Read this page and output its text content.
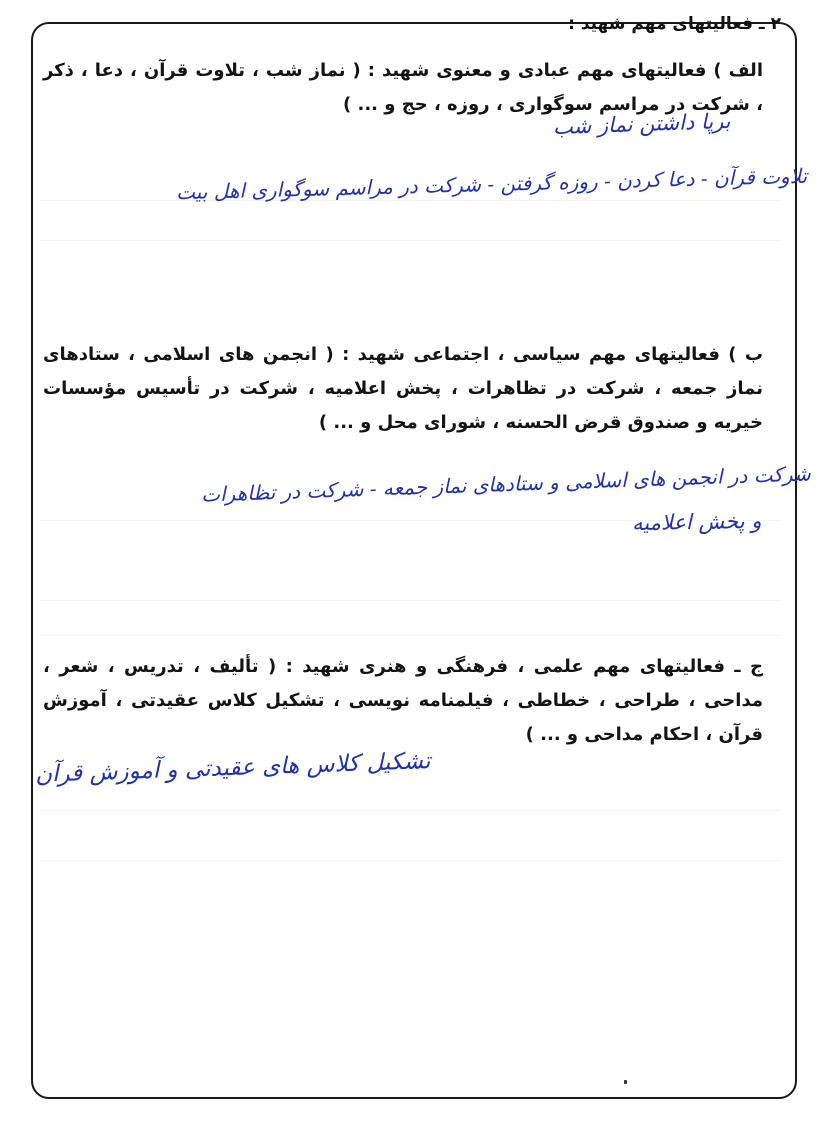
۲ ـ فعالیتهای مهم شهید :
الف ) فعالیتهای مهم عبادی و معنوی شهید : ( نماز شب ، تلاوت قرآن ، دعا ، ذکر ، شرکت در مراسم سوگواری ، روزه ، حج و ... )
برپا داشتن نماز شب
تلاوت قرآن - دعا کردن - روزه گرفتن - شرکت در مراسم سوگواری اهل بیت
ب ) فعالیتهای مهم سیاسی ، اجتماعی شهید : ( انجمن های اسلامی ، ستادهای نماز جمعه ، شرکت در تظاهرات ، پخش اعلامیه ، شرکت در تأسیس مؤسسات خیریه و صندوق قرض الحسنه ، شورای محل و ... )
شرکت در انجمن های اسلامی و ستادهای نماز جمعه - شرکت در تظاهرات
و پخش اعلامیه
ج ـ فعالیتهای مهم علمی ، فرهنگی و هنری شهید : ( تألیف ، تدریس ، شعر ، مداحی ، طراحی ، خطاطی ، فیلمنامه نویسی ، تشکیل کلاس عقیدتی ، آموزش قرآن ، احکام مداحی و ... )
تشکیل کلاس های عقیدتی و آموزش قرآن
